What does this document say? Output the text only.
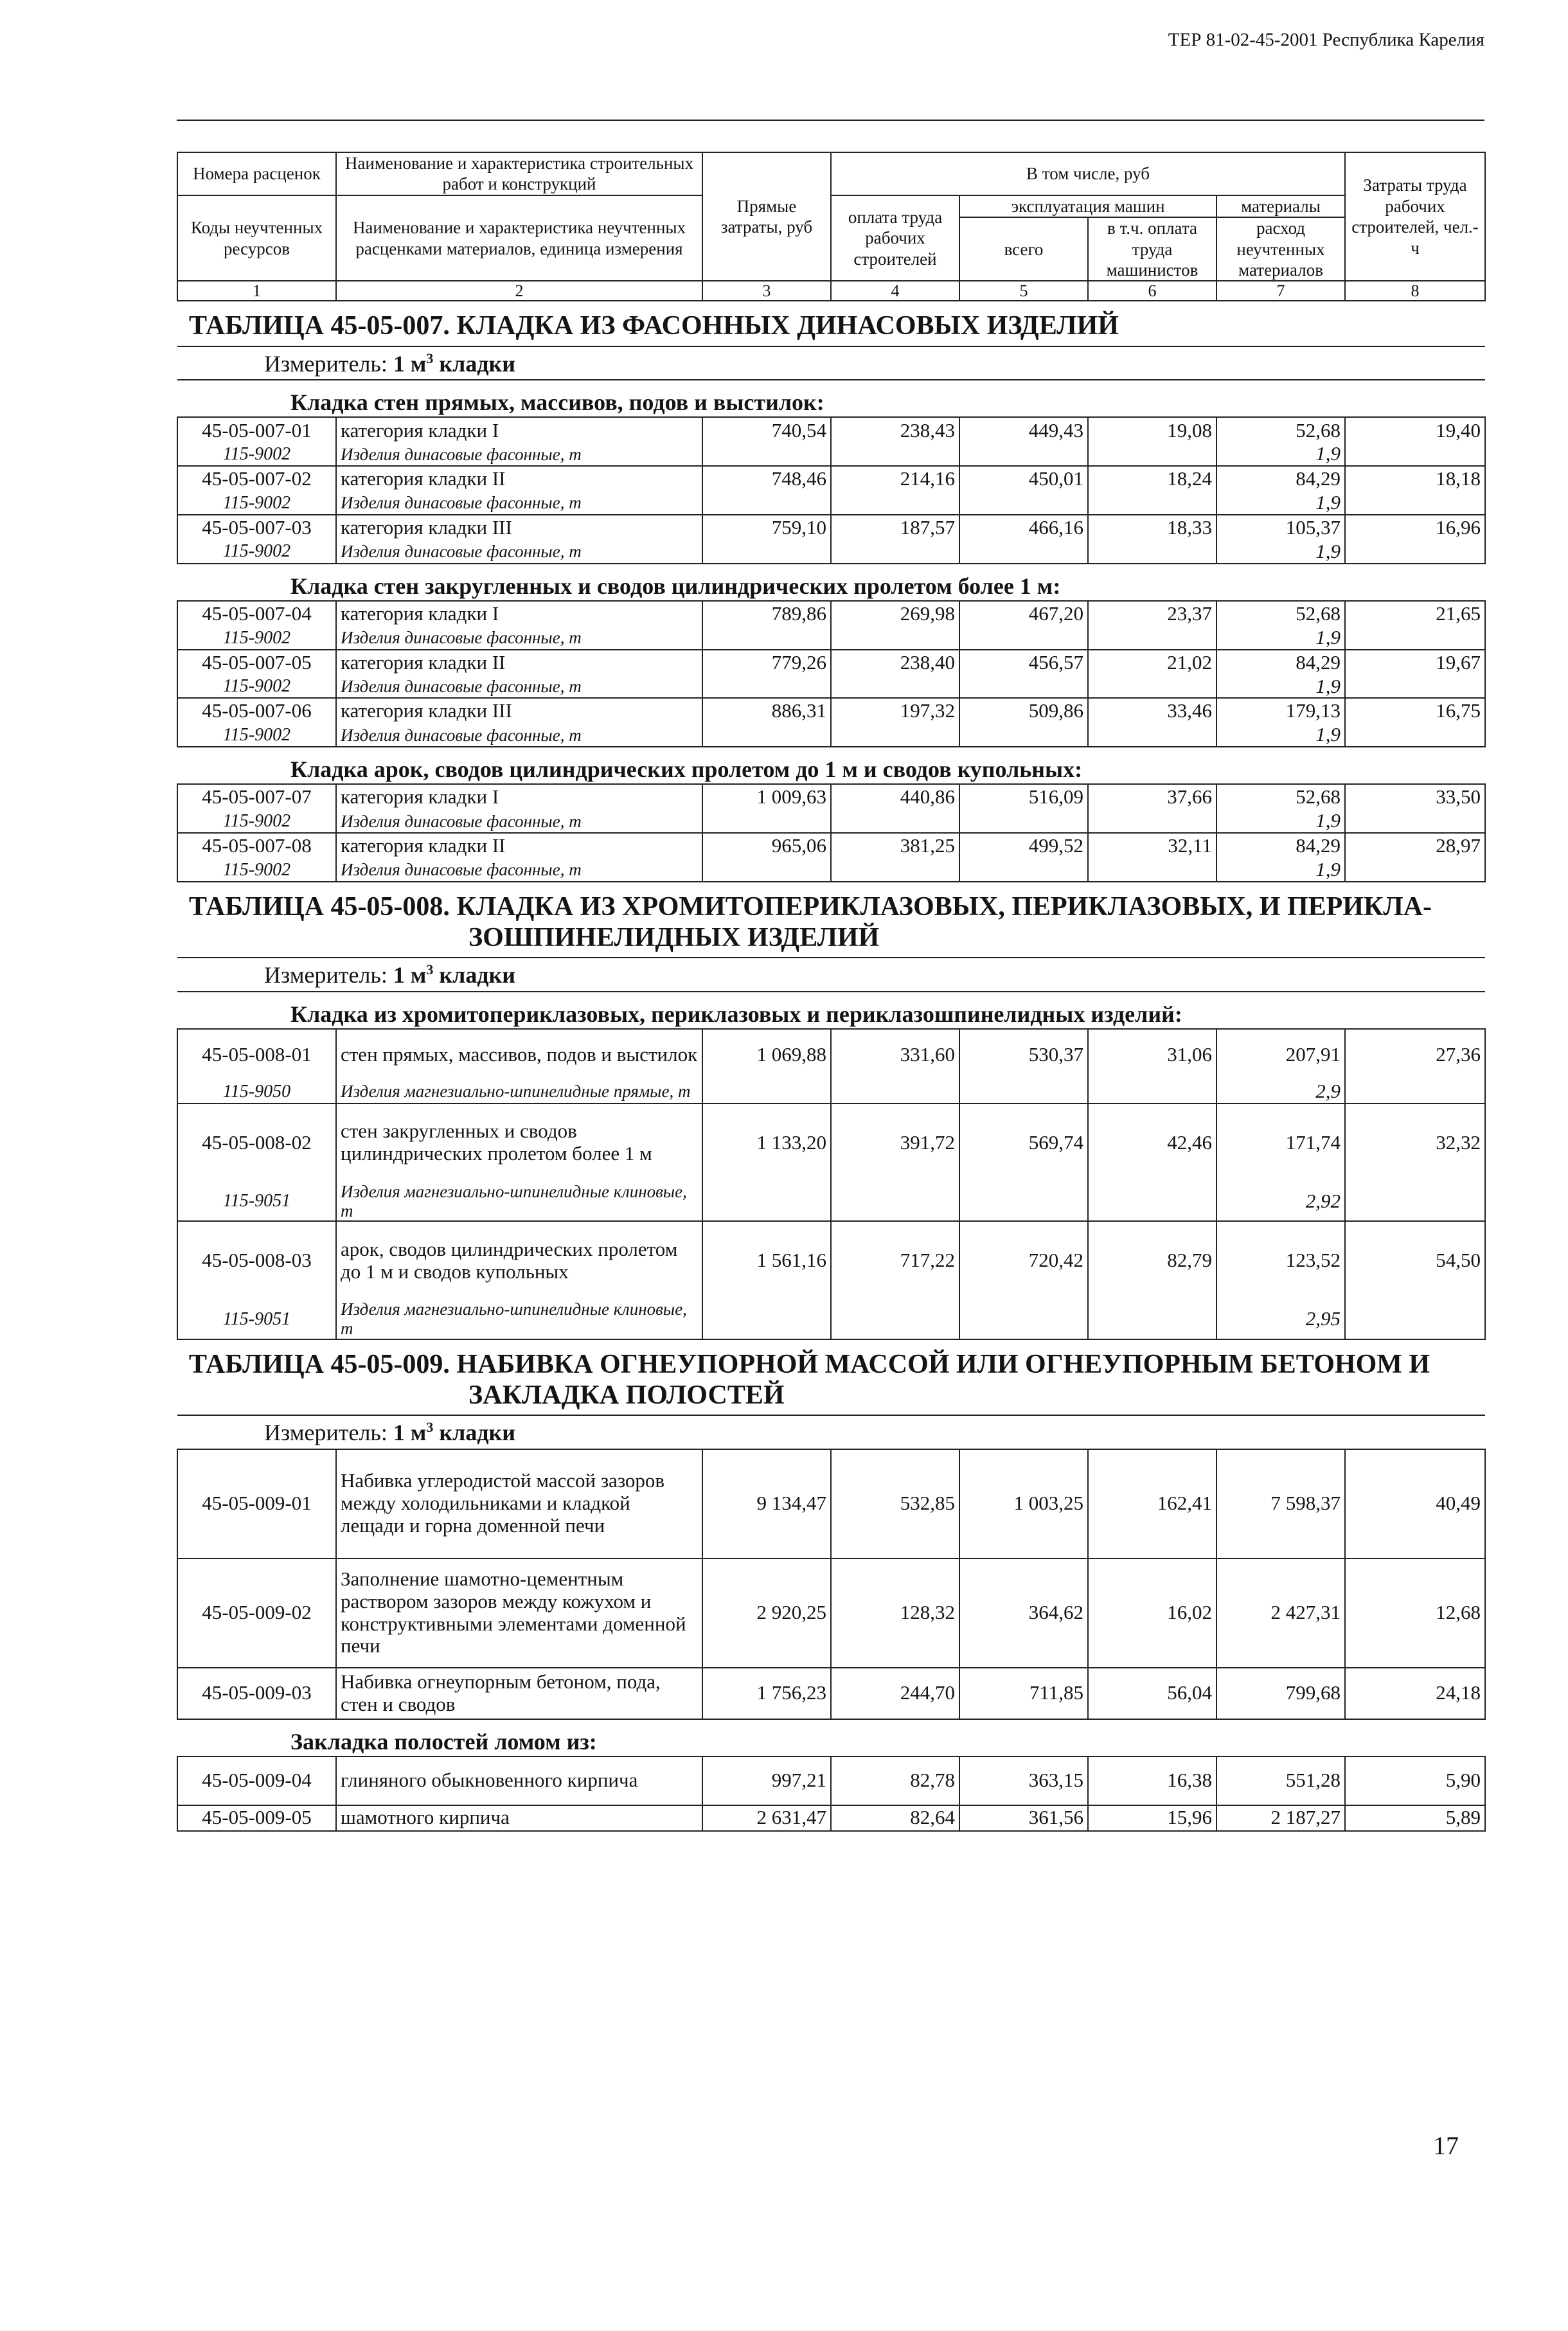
ТЕР 81-02-45-2001 Республика Карелия
Номера расценок	Наименование и характеристика строительных работ и конструкций	Прямые затраты, руб	В том числе, руб				Затраты труда рабочих строителей, чел.-ч
Коды неучтенных ресурсов	Наименование и характеристика неучтенных расценками материалов, единица измерения		оплата труда рабочих строителей	эксплуатация машин		материалы	
				всего	в т.ч. оплата труда машинистов	расход неучтенных материалов	

1	2	3	4	5	6	7	8
ТАБЛИЦА 45-05-007. КЛАДКА ИЗ ФАСОННЫХ ДИНАСОВЫХ ИЗДЕЛИЙ							
Измеритель: 1 $м^3$ кладки							
Кладка стен прямых, массивов, подов и выстилок:							
45-05-007-01	категория кладки I	740,54	238,43	449,43	19,08	52,68	19,40
115-9002	Изделия динасовые фасонные, т					1,9	
45-05-007-02	категория кладки II	748,46	214,16	450,01	18,24	84,29	18,18
115-9002	Изделия динасовые фасонные, т					1,9	
45-05-007-03	категория кладки III	759,10	187,57	466,16	18,33	105,37	16,96
115-9002	Изделия динасовые фасонные, т					1,9	
Кладка стен закругленных и сводов цилиндрических пролетом более 1 м:							
45-05-007-04	категория кладки I	789,86	269,98	467,20	23,37	52,68	21,65
115-9002	Изделия динасовые фасонные, т					1,9	
45-05-007-05	категория кладки II	779,26	238,40	456,57	21,02	84,29	19,67
115-9002	Изделия динасовые фасонные, т					1,9	
45-05-007-06	категория кладки III	886,31	197,32	509,86	33,46	179,13	16,75
115-9002	Изделия динасовые фасонные, т					1,9	
Кладка арок, сводов цилиндрических пролетом до 1 м и сводов купольных:							
45-05-007-07	категория кладки I	1 009,63	440,86	516,09	37,66	52,68	33,50
115-9002	Изделия динасовые фасонные, т					1,9	
45-05-007-08	категория кладки II	965,06	381,25	499,52	32,11	84,29	28,97
115-9002	Изделия динасовые фасонные, т					1,9	
ТАБЛИЦА 45-05-008. КЛАДКА ИЗ ХРОМИТОПЕРИКЛАЗОВЫХ, ПЕРИКЛАЗОВЫХ, И ПЕРИКЛА-
ЗОШПИНЕЛИДНЫХ ИЗДЕЛИЙ							

Измеритель: 1 $м^3$ кладки							
Кладка из хромитопериклазовых, периклазовых и периклазошпинелидных изделий:							
45-05-008-01	стен прямых, массивов, подов и выстилок	1 069,88	331,60	530,37	31,06	207,91	27,36
115-9050	Изделия магнезиально-шпинелидные прямые, т					2,9	
45-05-008-02	стен закругленных и сводов цилиндрических пролетом более 1 м	1 133,20	391,72	569,74	42,46	171,74	32,32
115-9051	Изделия магнезиально-шпинелидные клиновые, т					2,92	
45-05-008-03	арок, сводов цилиндрических пролетом до 1 м и сводов купольных	1 561,16	717,22	720,42	82,79	123,52	54,50
115-9051	Изделия магнезиально-шпинелидные клиновые, т					2,95	
ТАБЛИЦА 45-05-009. НАБИВКА ОГНЕУПОРНОЙ МАССОЙ ИЛИ ОГНЕУПОРНЫМ БЕТОНОМ И
ЗАКЛАДКА ПОЛОСТЕЙ							

Измеритель: 1 $м^3$ кладки							
45-05-009-01	Набивка углеродистой массой зазоров между холодильниками и кладкой лещади и горна доменной печи	9 134,47	532,85	1 003,25	162,41	7 598,37	40,49
45-05-009-02	Заполнение шамотно-цементным раствором зазоров между кожухом и конструктивными элементами доменной печи	2 920,25	128,32	364,62	16,02	2 427,31	12,68
45-05-009-03	Набивка огнеупорным бетоном, пода, стен и сводов	1 756,23	244,70	711,85	56,04	799,68	24,18
Закладка полостей ломом из:							
45-05-009-04	глиняного обыкновенного кирпича	997,21	82,78	363,15	16,38	551,28	5,90
45-05-009-05	шамотного кирпича	2 631,47	82,64	361,56	15,96	2 187,27	5,89
17
